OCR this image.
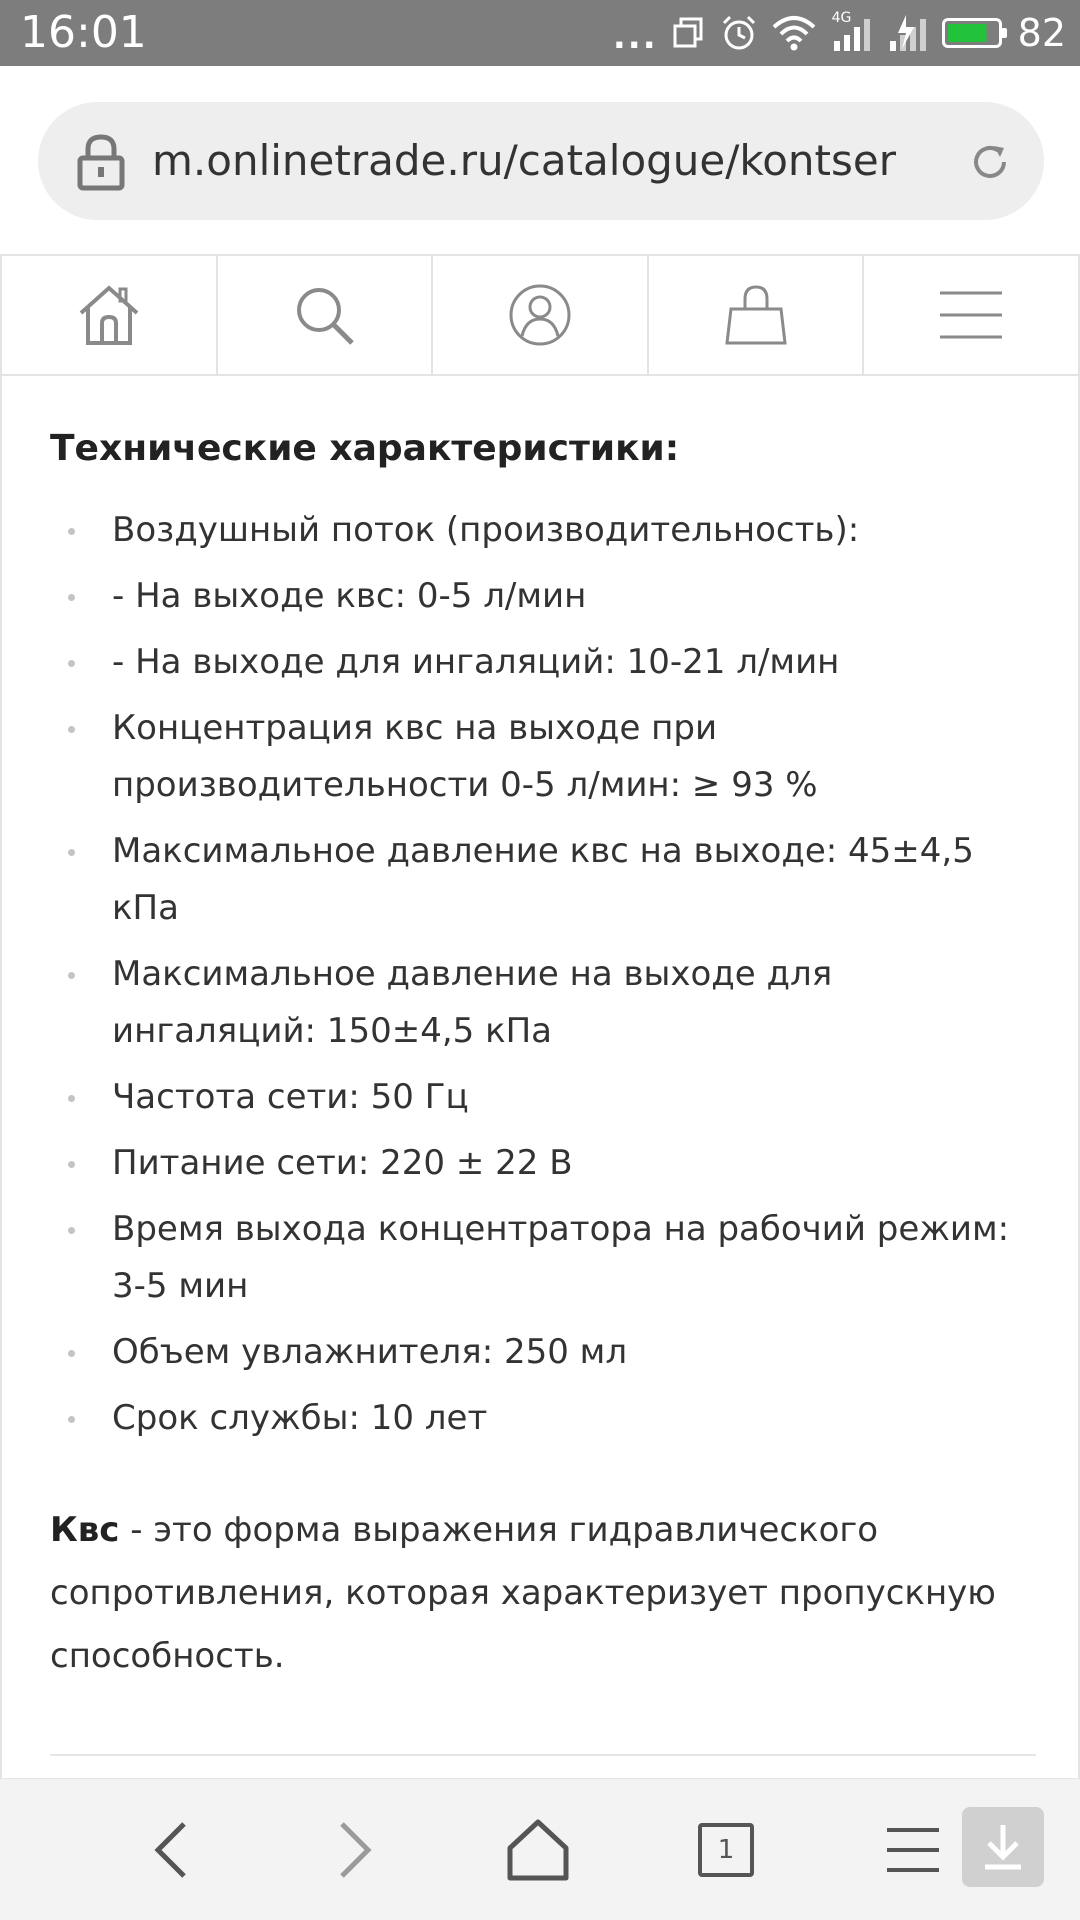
16:01	...	4G	82
m.onlinetrade.ru/catalogue/kontser
Технические характеристики:
Воздушный поток (производительность):
- На выходе квс: 0-5 л/мин
- На выходе для ингаляций: 10-21 л/мин
Концентрация квс на выходе при производительности 0-5 л/мин: ≥ 93 %
Максимальное давление квс на выходе: 45±4,5 кПа
Максимальное давление на выходе для ингаляций: 150±4,5 кПа
Частота сети: 50 Гц
Питание сети: 220 ± 22 В
Время выхода концентратора на рабочий режим: 3-5 мин
Объем увлажнителя: 250 мл
Срок службы: 10 лет

Квс - это форма выражения гидравлического сопротивления, которая характеризует пропускную способность.

1
